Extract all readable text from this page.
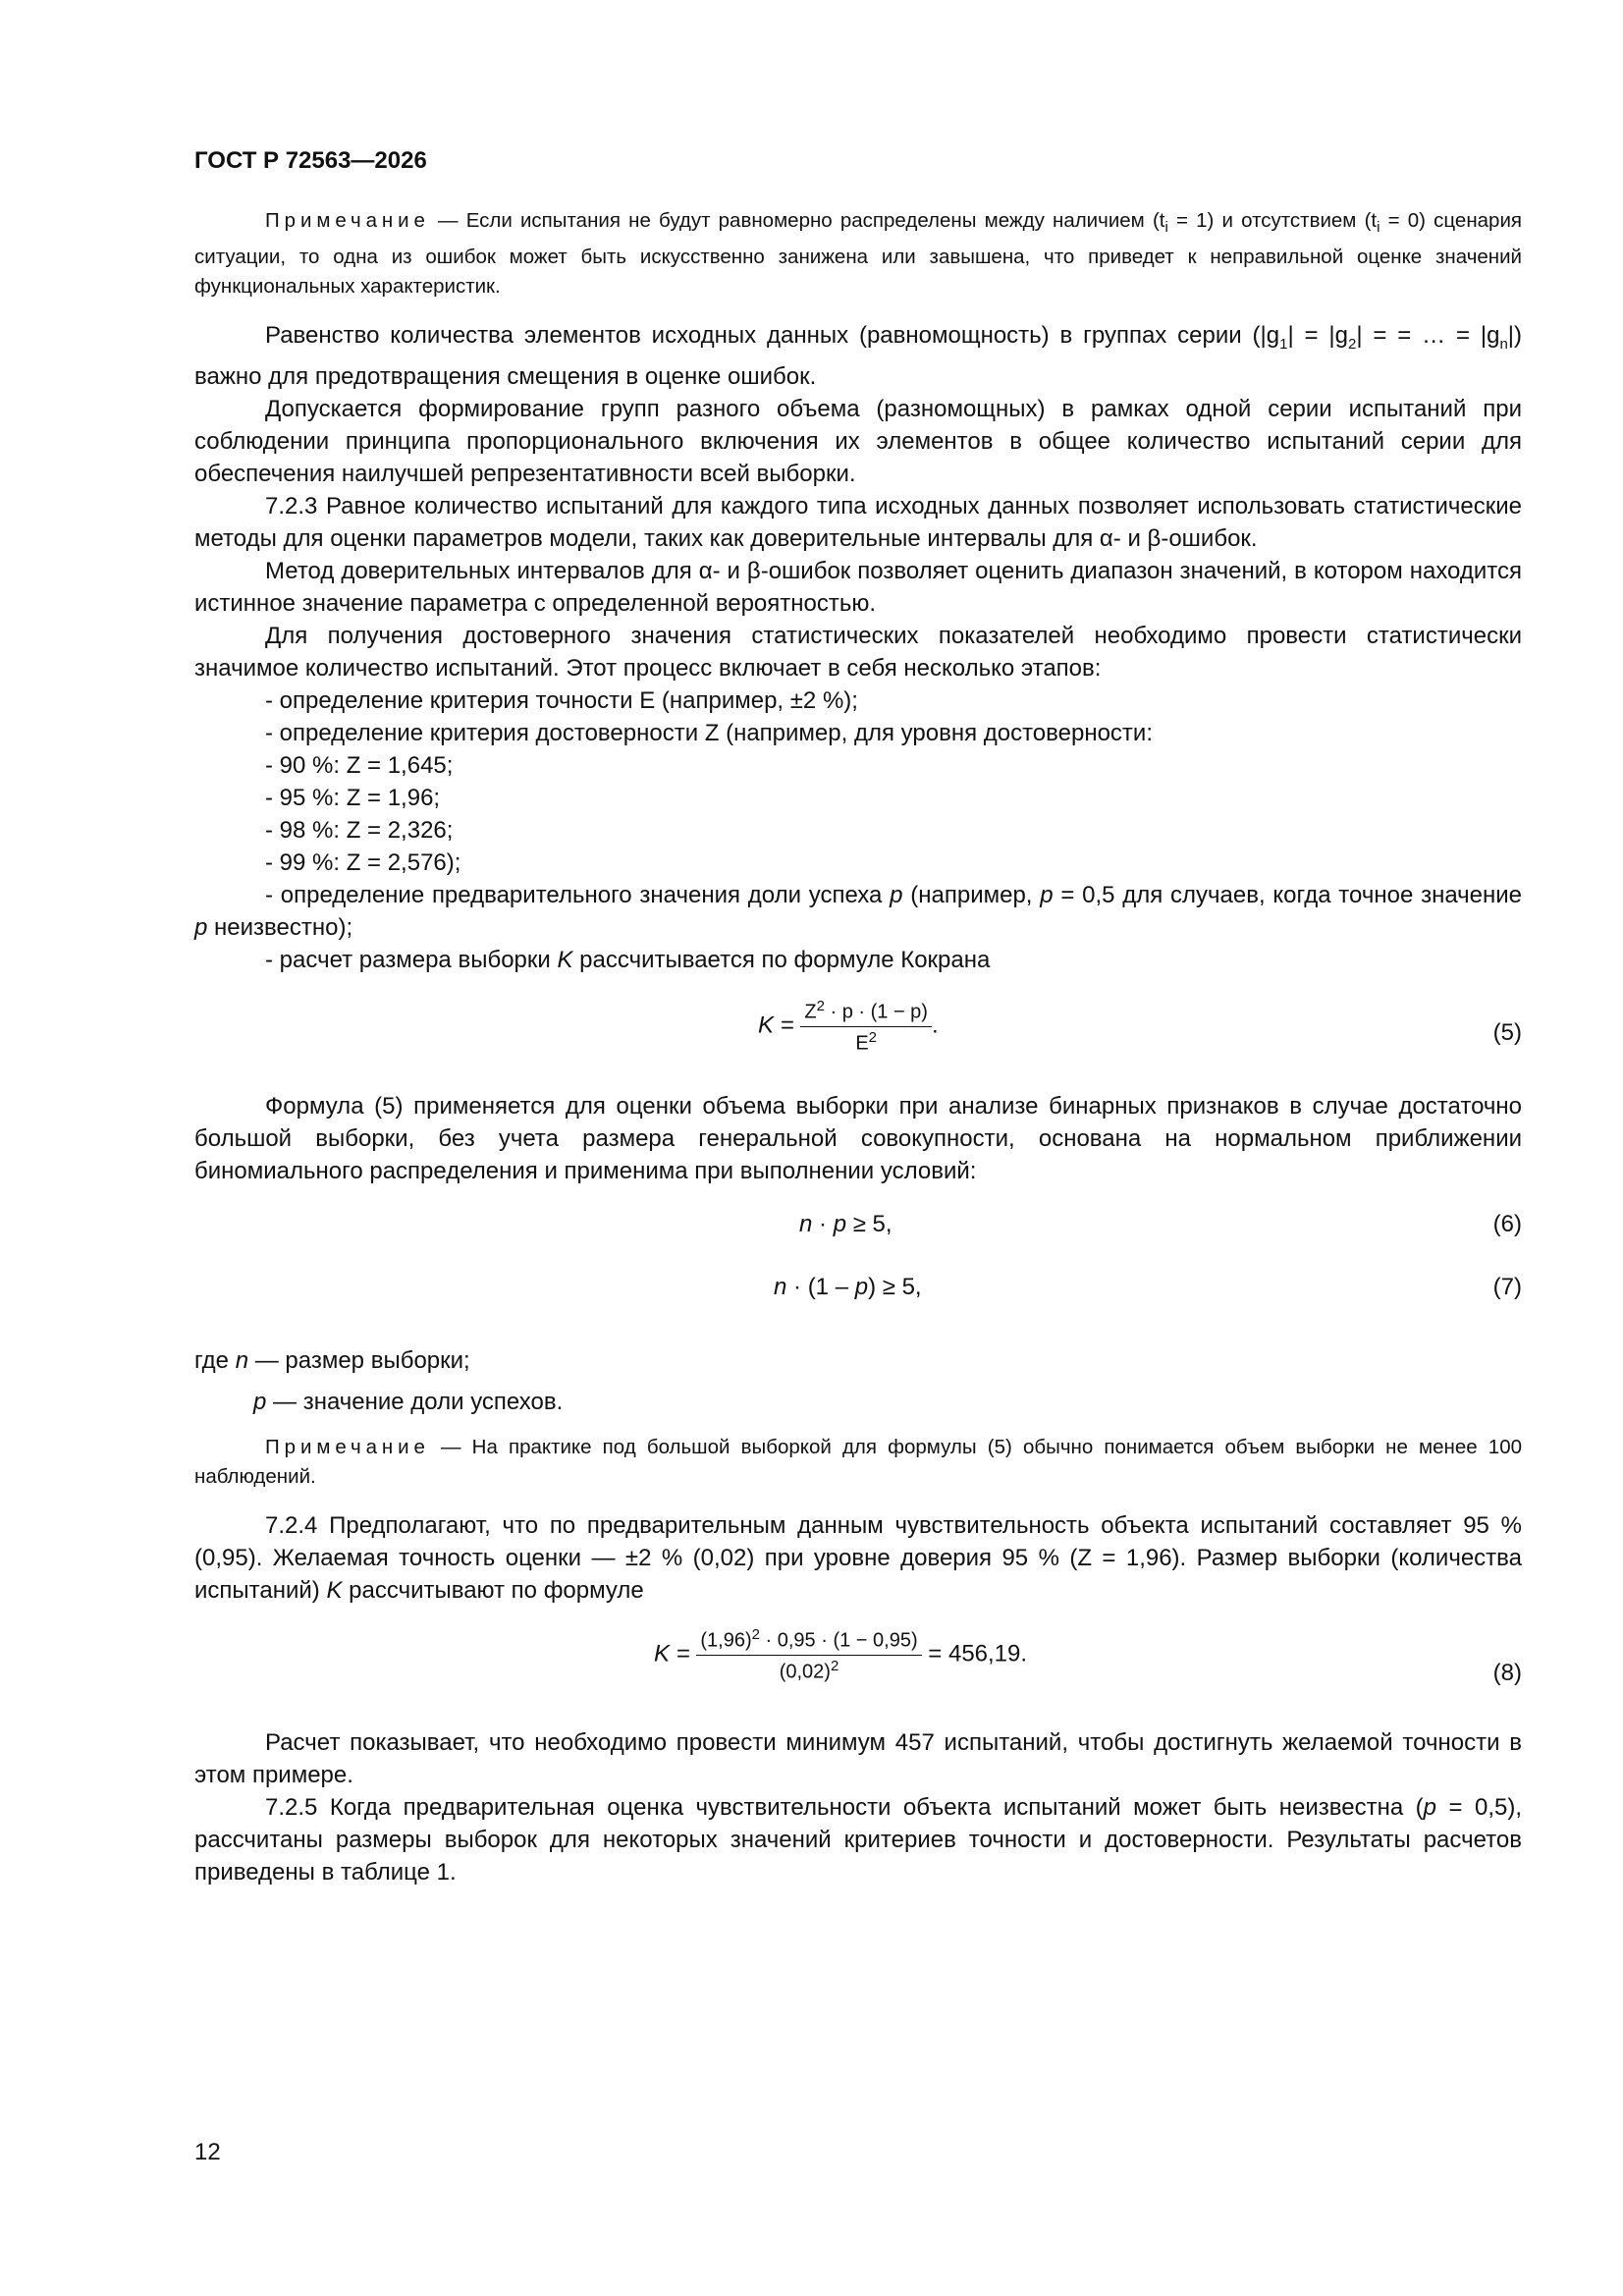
ГОСТ Р 72563—2026

Примечание — Если испытания не будут равномерно распределены между наличием $(t_i = 1)$ и отсутствием $(t_i = 0)$ сценария ситуации, то одна из ошибок может быть искусственно занижена или завышена, что приведет к неправильной оценке значений функциональных характеристик.

Равенство количества элементов исходных данных (равномощность) в группах серии ($|g_1| = |g_2|$ = = … = $|g_n|$) важно для предотвращения смещения в оценке ошибок.

Допускается формирование групп разного объема (разномощных) в рамках одной серии испытаний при соблюдении принципа пропорционального включения их элементов в общее количество испытаний серии для обеспечения наилучшей репрезентативности всей выборки.

7.2.3 Равное количество испытаний для каждого типа исходных данных позволяет использовать статистические методы для оценки параметров модели, таких как доверительные интервалы для α- и β-ошибок.

Метод доверительных интервалов для α- и β-ошибок позволяет оценить диапазон значений, в котором находится истинное значение параметра с определенной вероятностью.

Для получения достоверного значения статистических показателей необходимо провести статистически значимое количество испытаний. Этот процесс включает в себя несколько этапов:

- определение критерия точности E (например, ±2 %);
- определение критерия достоверности Z (например, для уровня достоверности:
- 90 %: Z = 1,645;
- 95 %: Z = 1,96;
- 98 %: Z = 2,326;
- 99 %: Z = 2,576);
- определение предварительного значения доли успеха p (например, p = 0,5 для случаев, когда точное значение p неизвестно);
- расчет размера выборки K рассчитывается по формуле Кокрана
$K = \frac{Z^2 \cdot p \cdot (1 - p)}{E^2}$ .	(5)

Формула (5) применяется для оценки объема выборки при анализе бинарных признаков в случае достаточно большой выборки, без учета размера генеральной совокупности, основана на нормальном приближении биномиального распределения и применима при выполнении условий:

n · p ≥ 5,	(6)
n · (1 – p) ≥ 5,	(7)
где n — размер выборки;
p — значение доли успехов.

Примечание — На практике под большой выборкой для формулы (5) обычно понимается объем выборки не менее 100 наблюдений.

7.2.4 Предполагают, что по предварительным данным чувствительность объекта испытаний составляет 95 % (0,95). Желаемая точность оценки — ±2 % (0,02) при уровне доверия 95 % (Z = 1,96). Размер выборки (количества испытаний) K рассчитывают по формуле

$K = \frac{(1,96)^2 \cdot 0,95 \cdot (1 - 0,95)}{(0,02)^2} = 456,19$.
(8)

Расчет показывает, что необходимо провести минимум 457 испытаний, чтобы достигнуть желаемой точности в этом примере.

7.2.5 Когда предварительная оценка чувствительности объекта испытаний может быть неизвестна (p = 0,5), рассчитаны размеры выборок для некоторых значений критериев точности и достоверности. Результаты расчетов приведены в таблице 1.

12
